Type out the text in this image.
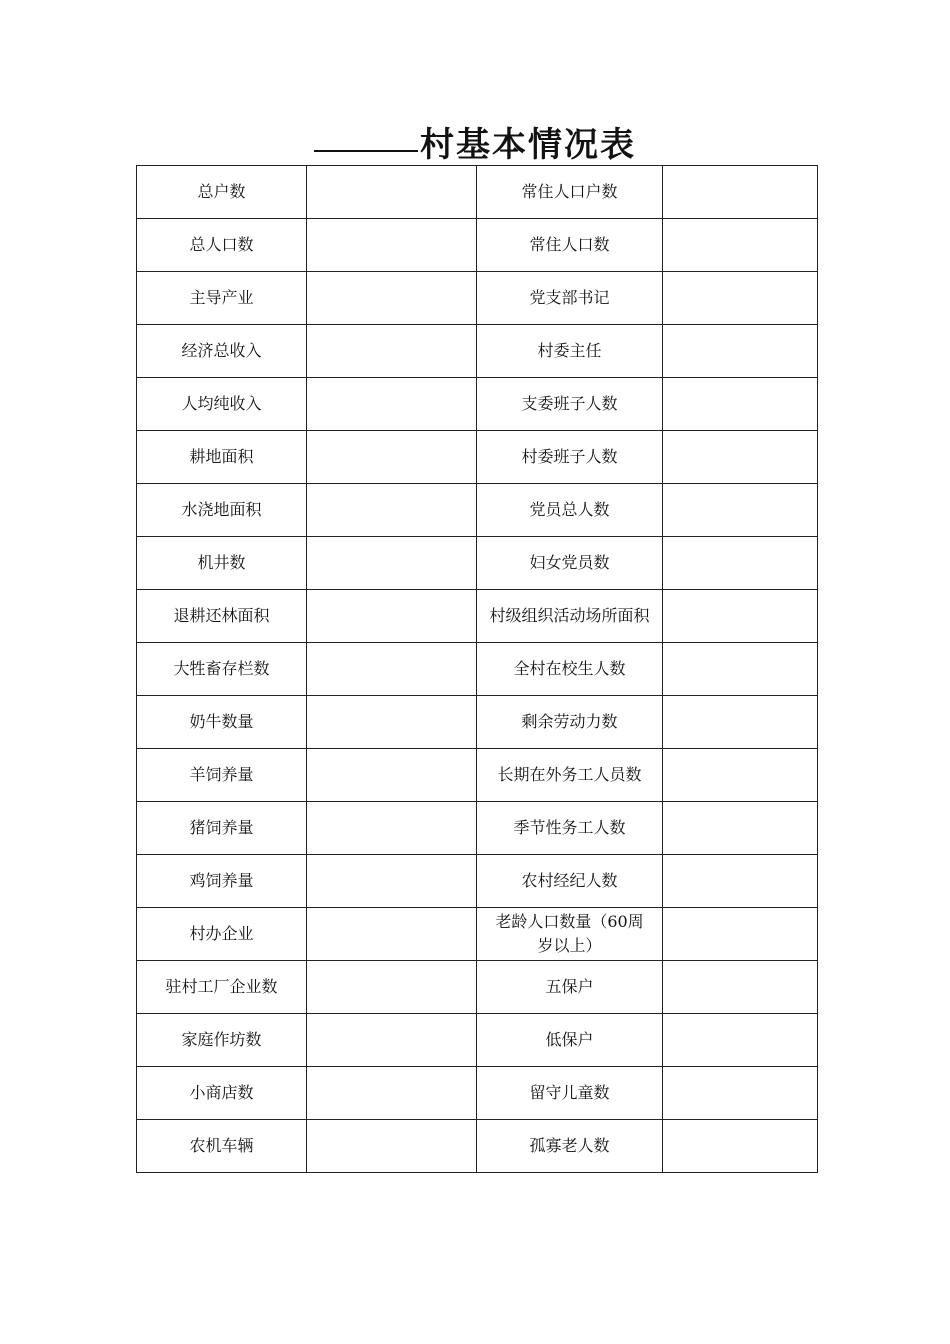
村基本情况表
总户数		常住人口户数	
总人口数		常住人口数	
主导产业		党支部书记	
经济总收入		村委主任	
人均纯收入		支委班子人数	
耕地面积		村委班子人数	
水浇地面积		党员总人数	
机井数		妇女党员数	
退耕还林面积		村级组织活动场所面积	
大牲畜存栏数		全村在校生人数	
奶牛数量		剩余劳动力数	
羊饲养量		长期在外务工人员数	
猪饲养量		季节性务工人数	
鸡饲养量		农村经纪人数	
村办企业		老龄人口数量（60周岁以上）	
驻村工厂企业数		五保户	
家庭作坊数		低保户	
小商店数		留守儿童数	
农机车辆		孤寡老人数	
